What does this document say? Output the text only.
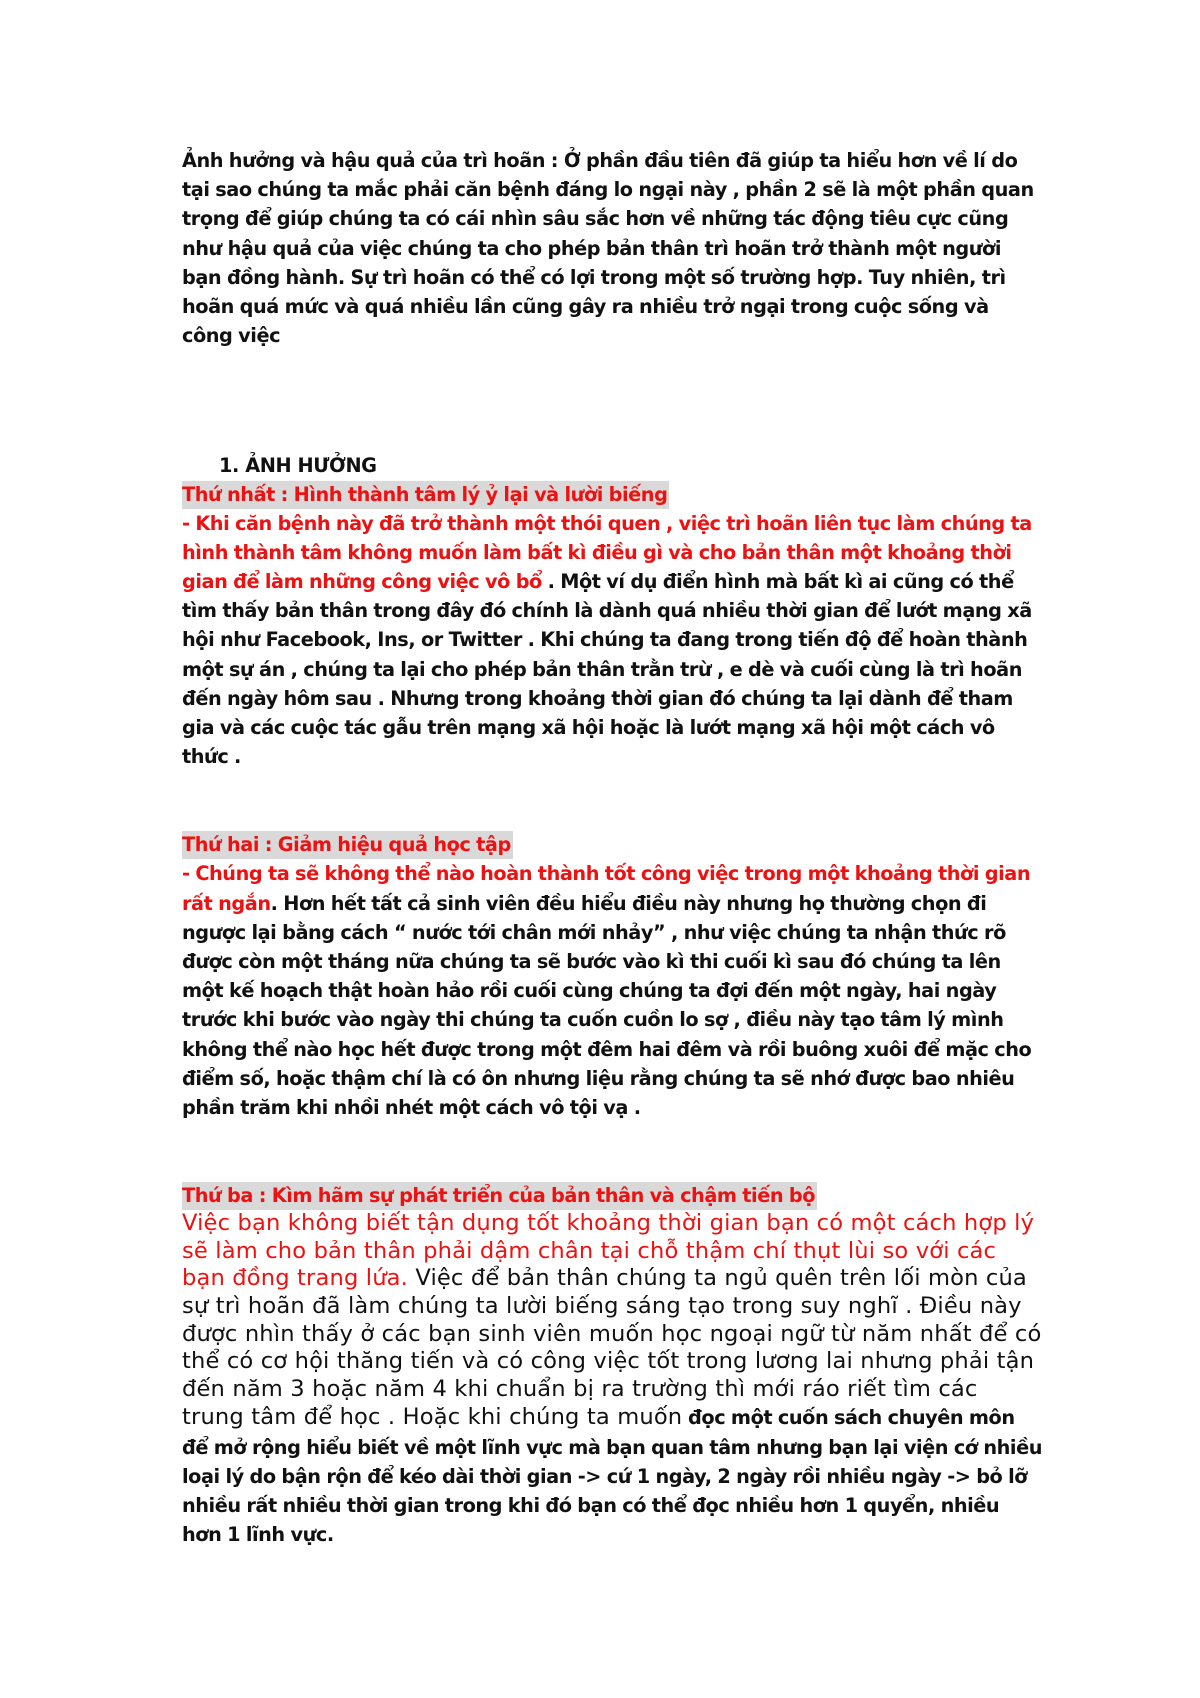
Ảnh hưởng và hậu quả của trì hoãn : Ở phần đầu tiên đã giúp ta hiểu hơn về lí do tại sao chúng ta mắc phải căn bệnh đáng lo ngại này , phần 2 sẽ là một phần quan trọng để giúp chúng ta có cái nhìn sâu sắc hơn về những tác động tiêu cực cũng như hậu quả của việc chúng ta cho phép bản thân trì hoãn trở thành một người bạn đồng hành. Sự trì hoãn có thể có lợi trong một số trường hợp. Tuy nhiên, trì hoãn quá mức và quá nhiều lần cũng gây ra nhiều trở ngại trong cuộc sống và công việc

1. ẢNH HƯỞNG
Thứ nhất : Hình thành tâm lý ỷ lại và lười biếng

- Khi căn bệnh này đã trở thành một thói quen , việc trì hoãn liên tục làm chúng ta hình thành tâm không muốn làm bất kì điều gì và cho bản thân một khoảng thời gian để làm những công việc vô bổ . Một ví dụ điển hình mà bất kì ai cũng có thể tìm thấy bản thân trong đây đó chính là dành quá nhiều thời gian để lướt mạng xã hội như Facebook, Ins, or Twitter . Khi chúng ta đang trong tiến độ để hoàn thành một sự án , chúng ta lại cho phép bản thân trằn trừ , e dè và cuối cùng là trì hoãn đến ngày hôm sau . Nhưng trong khoảng thời gian đó chúng ta lại dành để tham gia và các cuộc tác gẫu trên mạng xã hội hoặc là lướt mạng xã hội một cách vô thức .

Thứ hai : Giảm hiệu quả học tập

- Chúng ta sẽ không thể nào hoàn thành tốt công việc trong một khoảng thời gian rất ngắn. Hơn hết tất cả sinh viên đều hiểu điều này nhưng họ thường chọn đi ngược lại bằng cách “ nước tới chân mới nhảy” , như việc chúng ta nhận thức rõ được còn một tháng nữa chúng ta sẽ bước vào kì thi cuối kì sau đó chúng ta lên một kế hoạch thật hoàn hảo rồi cuối cùng chúng ta đợi đến một ngày, hai ngày trước khi bước vào ngày thi chúng ta cuốn cuồn lo sợ , điều này tạo tâm lý mình không thể nào học hết được trong một đêm hai đêm và rồi buông xuôi để mặc cho điểm số, hoặc thậm chí là có ôn nhưng liệu rằng chúng ta sẽ nhớ được bao nhiêu phần trăm khi nhồi nhét một cách vô tội vạ .

Thứ ba : Kìm hãm sự phát triển của bản thân và chậm tiến bộ

Việc bạn không biết tận dụng tốt khoảng thời gian bạn có một cách hợp lý sẽ làm cho bản thân phải dậm chân tại chỗ thậm chí thụt lùi so với các bạn đồng trang lứa. Việc để bản thân chúng ta ngủ quên trên lối mòn của sự trì hoãn đã làm chúng ta lười biếng sáng tạo trong suy nghĩ . Điều này được nhìn thấy ở các bạn sinh viên muốn học ngoại ngữ từ năm nhất để có thể có cơ hội thăng tiến và có công việc tốt trong lương lai nhưng phải tận đến năm 3 hoặc năm 4 khi chuẩn bị ra trường thì mới ráo riết tìm các trung tâm để học . Hoặc khi chúng ta muốn đọc một cuốn sách chuyên môn để mở rộng hiểu biết về một lĩnh vực mà bạn quan tâm nhưng bạn lại viện cớ nhiều loại lý do bận rộn để kéo dài thời gian -> cứ 1 ngày, 2 ngày rồi nhiều ngày -> bỏ lỡ nhiều rất nhiều thời gian trong khi đó bạn có thể đọc nhiều hơn 1 quyển, nhiều hơn 1 lĩnh vực.
